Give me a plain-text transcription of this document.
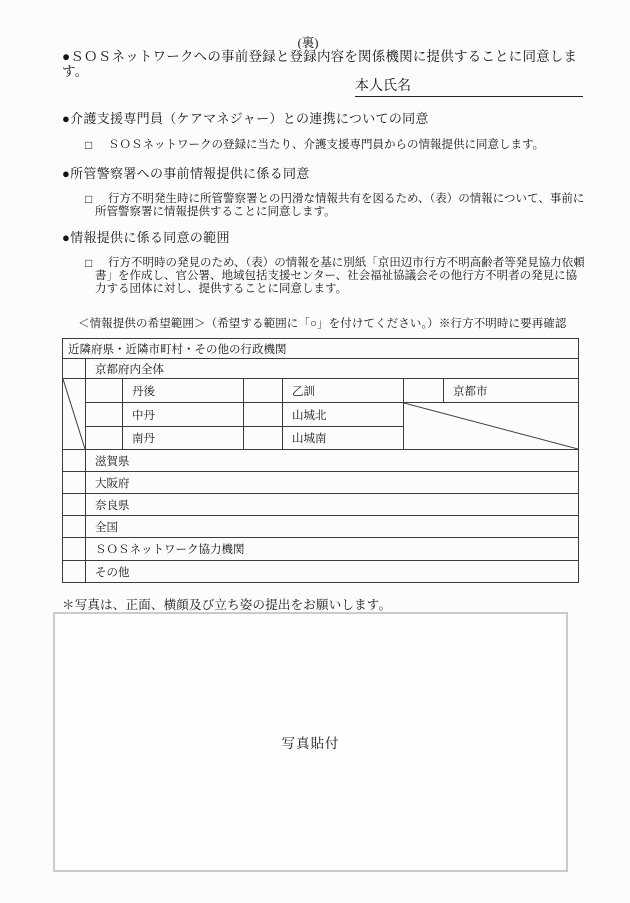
(裏)
●ＳＯＳネットワークへの事前登録と登録内容を関係機関に提供することに同意しま
す。
本人氏名
●介護支援専門員（ケアマネジャー）との連携についての同意
□	ＳＯＳネットワークの登録に当たり、介護支援専門員からの情報提供に同意します。
●所管警察署への事前情報提供に係る同意
□	行方不明発生時に所管警察署との円滑な情報共有を図るため、（表）の情報について、事前に
所管警察署に情報提供することに同意します。
●情報提供に係る同意の範囲
□	行方不明時の発見のため、（表）の情報を基に別紙「京田辺市行方不明高齢者等発見協力依頼
書」を作成し、官公署、地域包括支援センター、社会福祉協議会その他行方不明者の発見に協
力する団体に対し、提供することに同意します。
＜情報提供の希望範囲＞（希望する範囲に「○」を付けてください。）※行方不明時に要再確認
近隣府県・近隣市町村・その他の行政機関						
	京都府内全体					

		丹後		乙訓		京都市
		中丹		山城北	

		南丹		山城南		
	滋賀県					
	大阪府					
	奈良県					
	全国					
	ＳＯＳネットワーク協力機関					
	その他					
＊写真は、正面、横顔及び立ち姿の提出をお願いします。
写真貼付
